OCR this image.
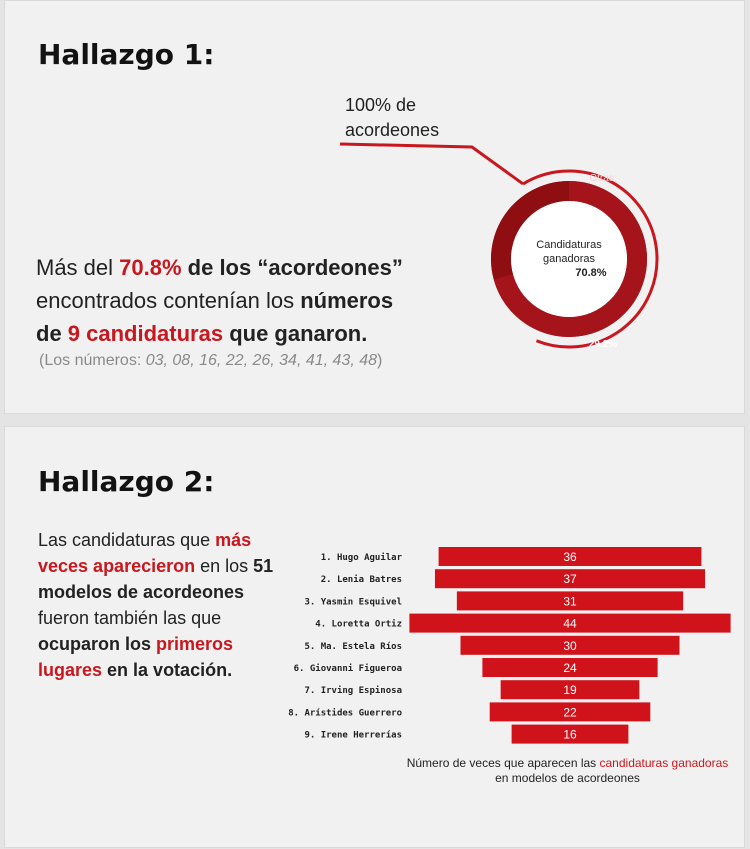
Hallazgo 1:
Candidaturas
ganadoras
70.8%
Otras:
29.2%
100% de acordeones
Más del 70.8% de los “acordeones”
encontrados contenían los números
de 9 candidaturas que ganaron.
(Los números: 03, 08, 16, 22, 26, 34, 41, 43, 48)
Hallazgo 2:
Las candidaturas que más veces aparecieron en los 51 modelos de acordeones fueron también las que ocuparon los primeros lugares en la votación.
36
1. Hugo Aguilar
37
2. Lenia Batres
31
3. Yasmin Esquivel
44
4. Loretta Ortiz
30
5. Ma. Estela Ríos
24
6. Giovanni Figueroa
19
7. Irving Espinosa
22
8. Arístides Guerrero
16
9. Irene Herrerías
Número de veces que aparecen las candidaturas ganadoras en modelos de acordeones
